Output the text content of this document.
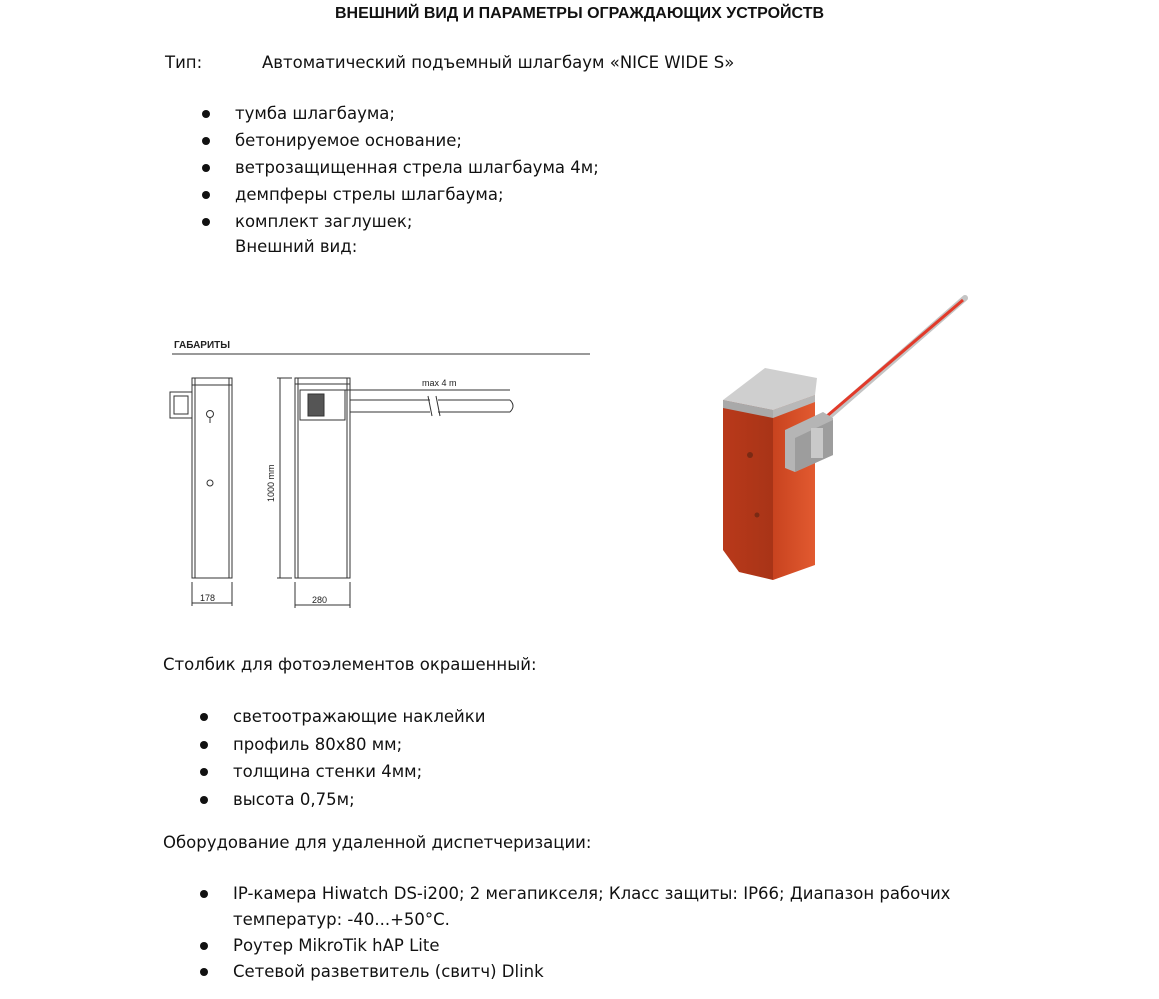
ВНЕШНИЙ ВИД И ПАРАМЕТРЫ ОГРАЖДАЮЩИХ УСТРОЙСТВ
Тип:	Автоматический подъемный шлагбаум «NICE WIDE S»
тумба шлагбаума;
бетонируемое основание;
ветрозащищенная стрела шлагбаума 4м;
демпферы стрелы шлагбаума;
комплект заглушек;
Внешний вид:
ГАБАРИТЫ
178
max 4 m
1000 mm
280
Столбик для фотоэлементов окрашенный:
светоотражающие наклейки
профиль 80х80 мм;
толщина стенки 4мм;
высота 0,75м;
Оборудование для удаленной диспетчеризации:
IP-камера Hiwatch DS-i200; 2 мегапикселя; Класс защиты: IP66; Диапазон рабочих
температур: -40...+50°С.
Роутер MikroTik hAP Lite
Сетевой разветвитель (свитч) Dlink
